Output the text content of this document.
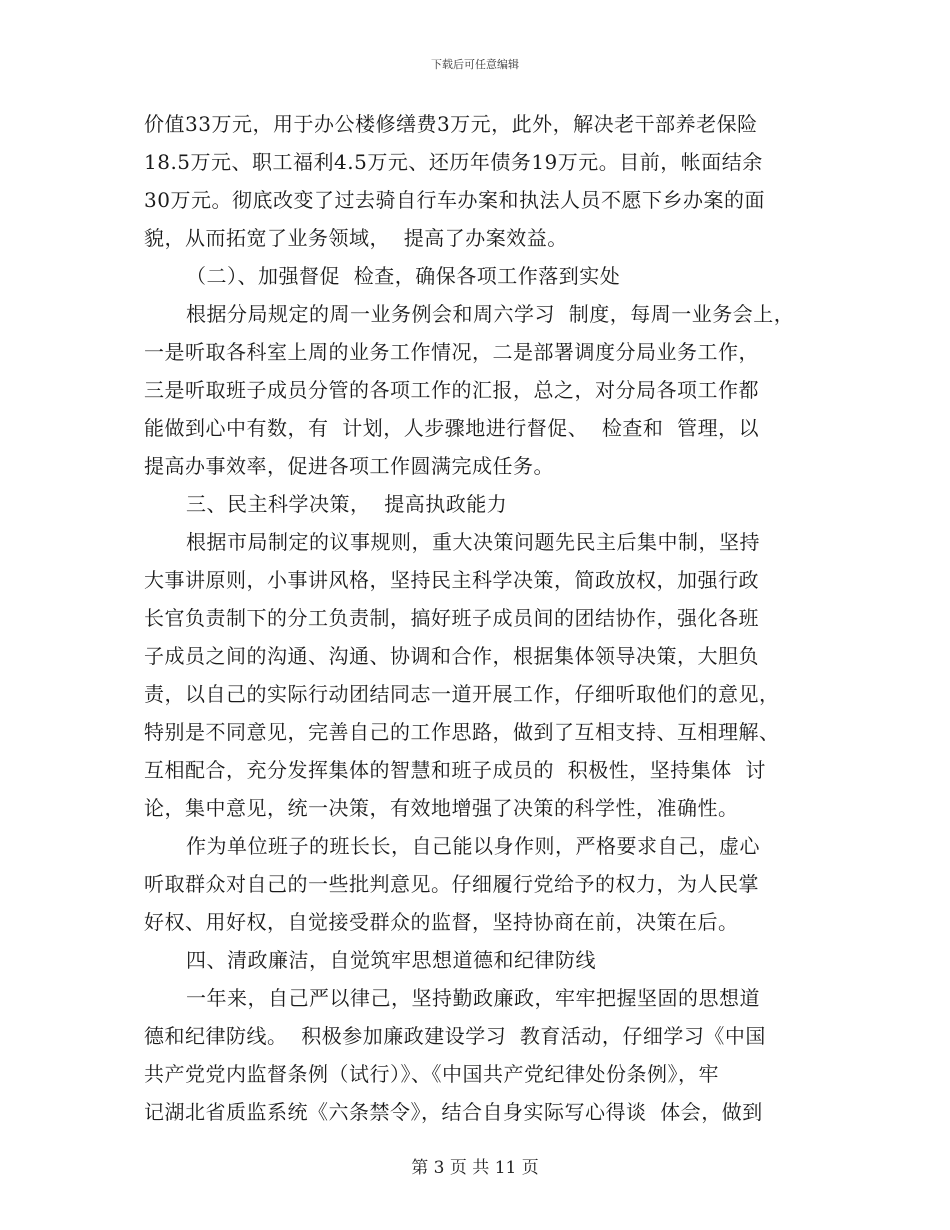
下载后可任意编辑
价值33万元，用于办公楼修缮费3万元，此外，解决老干部养老保险
18.5万元、职工福利4.5万元、还历年债务19万元。目前，帐面结余
30万元。彻底改变了过去骑自行车办案和执法人员不愿下乡办案的面
貌，从而拓宽了业务领域，  提高了办案效益。
（二）、加强督促  检查，确保各项工作落到实处
根据分局规定的周一业务例会和周六学习  制度，每周一业务会上，
一是听取各科室上周的业务工作情况，二是部署调度分局业务工作，
三是听取班子成员分管的各项工作的汇报，总之，对分局各项工作都
能做到心中有数，有  计划，人步骤地进行督促、  检查和  管理，以
提高办事效率，促进各项工作圆满完成任务。
三、民主科学决策，  提高执政能力
根据市局制定的议事规则，重大决策问题先民主后集中制，坚持
大事讲原则，小事讲风格，坚持民主科学决策，简政放权，加强行政
长官负责制下的分工负责制，搞好班子成员间的团结协作，强化各班
子成员之间的沟通、沟通、协调和合作，根据集体领导决策，大胆负
责，以自己的实际行动团结同志一道开展工作，仔细听取他们的意见，
特别是不同意见，完善自己的工作思路，做到了互相支持、互相理解、
互相配合，充分发挥集体的智慧和班子成员的  积极性，坚持集体  讨
论，集中意见，统一决策，有效地增强了决策的科学性，准确性。
作为单位班子的班长长，自己能以身作则，严格要求自己，虚心
听取群众对自己的一些批判意见。仔细履行党给予的权力，为人民掌
好权、用好权，自觉接受群众的监督，坚持协商在前，决策在后。
四、清政廉洁，自觉筑牢思想道德和纪律防线
一年来，自己严以律己，坚持勤政廉政，牢牢把握坚固的思想道
德和纪律防线。  积极参加廉政建设学习  教育活动，仔细学习《中国
共产党党内监督条例（试行）》、《中国共产党纪律处份条例》，牢
记湖北省质监系统《六条禁令》，结合自身实际写心得谈  体会，做到
第 3 页 共 11 页
